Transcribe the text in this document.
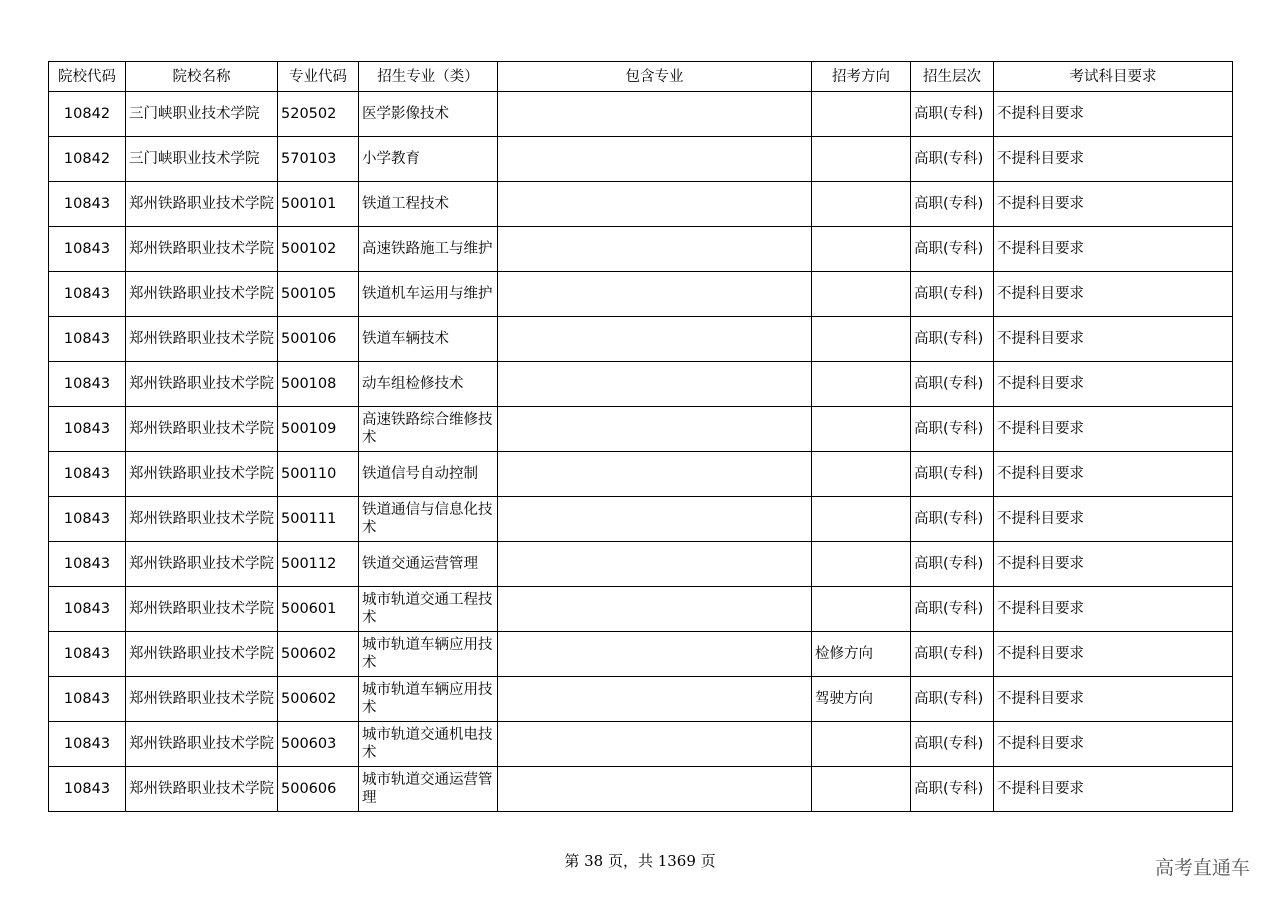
院校代码	院校名称	专业代码	招生专业（类）	包含专业	招考方向	招生层次	考试科目要求
10842	三门峡职业技术学院	520502	医学影像技术			高职(专科)	不提科目要求
10842	三门峡职业技术学院	570103	小学教育			高职(专科)	不提科目要求
10843	郑州铁路职业技术学院	500101	铁道工程技术			高职(专科)	不提科目要求
10843	郑州铁路职业技术学院	500102	高速铁路施工与维护			高职(专科)	不提科目要求
10843	郑州铁路职业技术学院	500105	铁道机车运用与维护			高职(专科)	不提科目要求
10843	郑州铁路职业技术学院	500106	铁道车辆技术			高职(专科)	不提科目要求
10843	郑州铁路职业技术学院	500108	动车组检修技术			高职(专科)	不提科目要求
10843	郑州铁路职业技术学院	500109	高速铁路综合维修技术			高职(专科)	不提科目要求
10843	郑州铁路职业技术学院	500110	铁道信号自动控制			高职(专科)	不提科目要求
10843	郑州铁路职业技术学院	500111	铁道通信与信息化技术			高职(专科)	不提科目要求
10843	郑州铁路职业技术学院	500112	铁道交通运营管理			高职(专科)	不提科目要求
10843	郑州铁路职业技术学院	500601	城市轨道交通工程技术			高职(专科)	不提科目要求
10843	郑州铁路职业技术学院	500602	城市轨道车辆应用技术		检修方向	高职(专科)	不提科目要求
10843	郑州铁路职业技术学院	500602	城市轨道车辆应用技术		驾驶方向	高职(专科)	不提科目要求
10843	郑州铁路职业技术学院	500603	城市轨道交通机电技术			高职(专科)	不提科目要求
10843	郑州铁路职业技术学院	500606	城市轨道交通运营管理			高职(专科)	不提科目要求
第 38 页，共 1369 页	高考直通车
